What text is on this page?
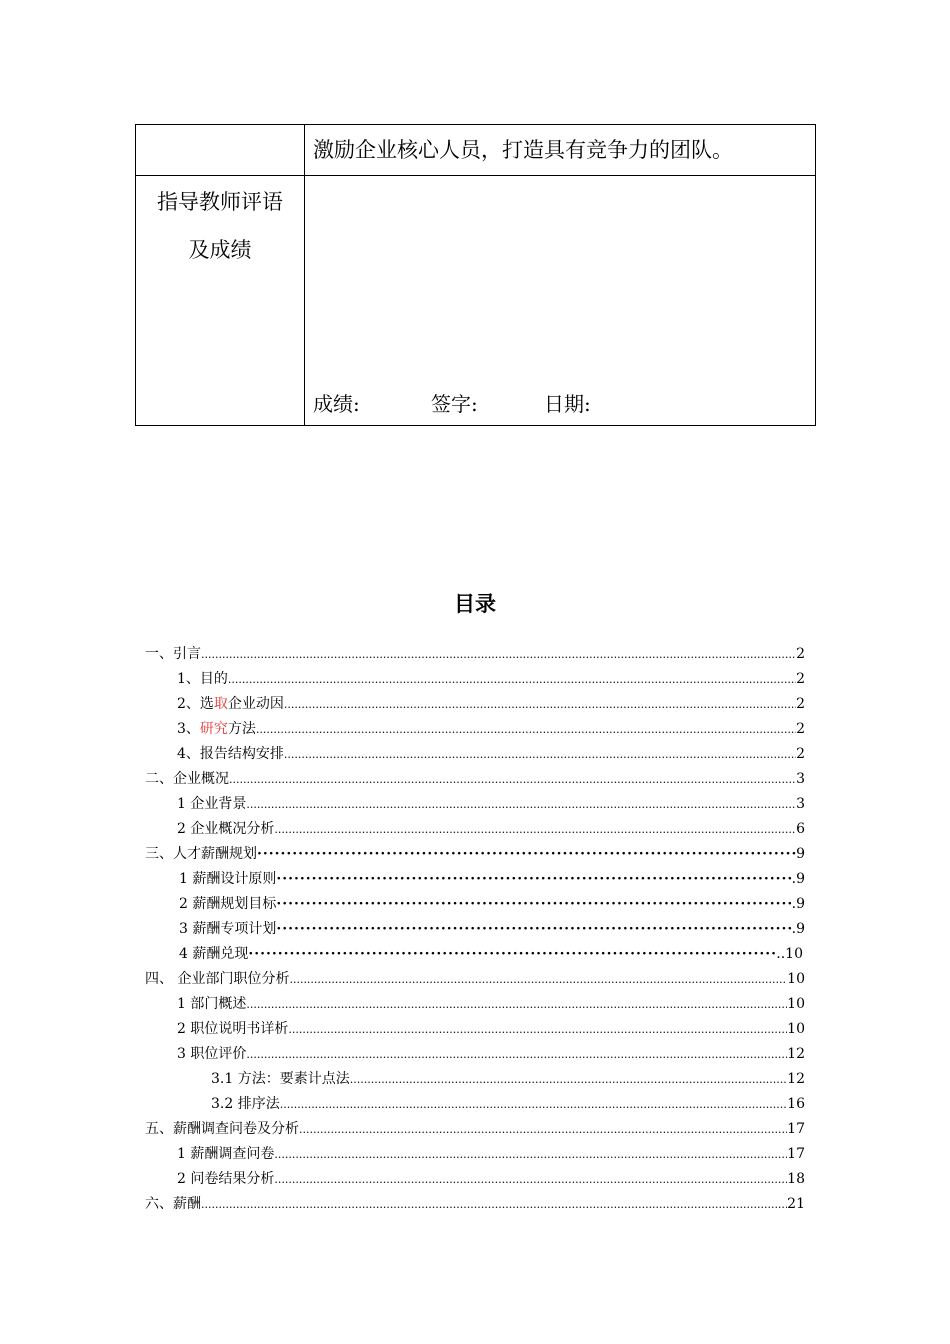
	激励企业核心人员，打造具有竞争力的团队。

指导教师评语
及成绩	成绩: 签字: 日期:
目录
一、引言 .....	2
1、目的 .....	2
2、选取企业动因 .....	2
3、研究方法 .....	2
4、报告结构安排 .....	2
二、企业概况 .....	3
1 企业背景 .....	3
2 企业概况分析 .....	6
三、人才薪酬规划 ·····	9
1 薪酬设计原则 ·····	.9
2 薪酬规划目标 ·····	.9
3 薪酬专项计划 ·····	.9
4 薪酬兑现 ·····	..10
四、 企业部门职位分析 .....	10
1 部门概述 .....	10
2 职位说明书详析 .....	10
3 职位评价 .....	12
3.1 方法：要素计点法 .....	12
3.2 排序法 .....	16
五、薪酬调查问卷及分析 .....	17
1 薪酬调查问卷 .....	17
2 问卷结果分析 .....	18
六、薪酬 .....	21
